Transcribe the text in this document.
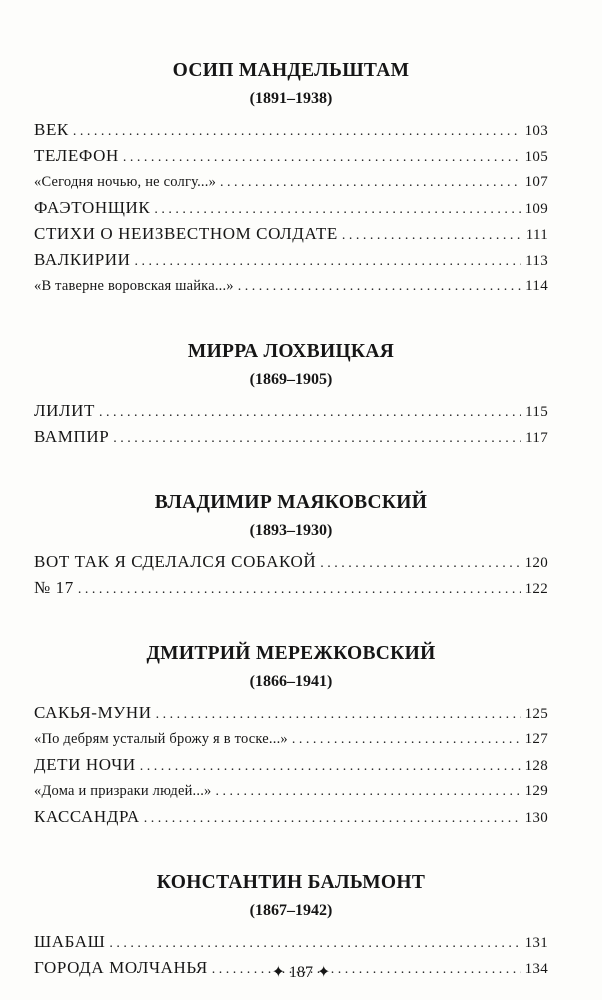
ОСИП МАНДЕЛЬШТАМ
(1891–1938)
ВЕК . . .	103
ТЕЛЕФОН . . .	105
«Сегодня ночью, не солгу...» . . .	107
ФАЭТОНЩИК . . .	109
СТИХИ О НЕИЗВЕСТНОМ СОЛДАТЕ . . .	111
ВАЛКИРИИ . . .	113
«В таверне воровская шайка...» . . .	114
МИРРА ЛОХВИЦКАЯ
(1869–1905)
ЛИЛИТ . . .	115
ВАМПИР . . .	117
ВЛАДИМИР МАЯКОВСКИЙ
(1893–1930)
ВОТ ТАК Я СДЕЛАЛСЯ СОБАКОЙ . . .	120
№ 17 . . .	122
ДМИТРИЙ МЕРЕЖКОВСКИЙ
(1866–1941)
САКЬЯ-МУНИ . . .	125
«По дебрям усталый брожу я в тоске...» . . .	127
ДЕТИ НОЧИ . . .	128
«Дома и призраки людей...» . . .	129
КАССАНДРА . . .	130
КОНСТАНТИН БАЛЬМОНТ
(1867–1942)
ШАБАШ . . .	131
ГОРОДА МОЛЧАНЬЯ . . .	134
✦ 187 ✦
